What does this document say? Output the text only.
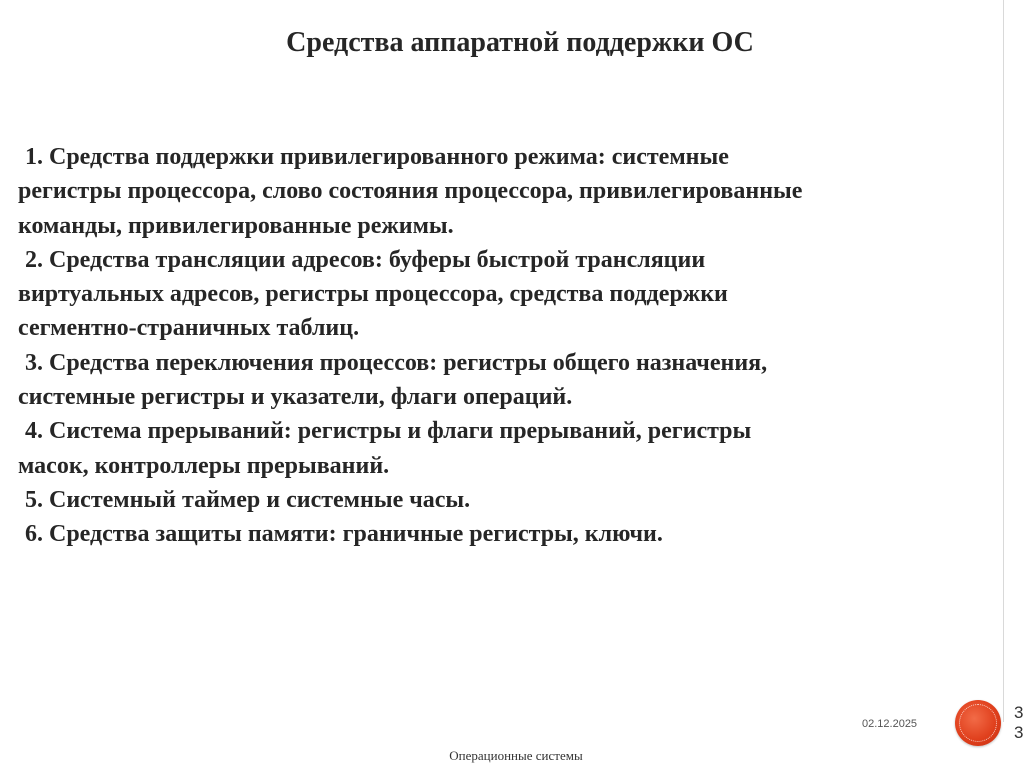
Средства аппаратной поддержки ОС
1. Средства поддержки привилегированного режима: системные
регистры процессора, слово состояния процессора, привилегированные
команды, привилегированные режимы.
2. Средства трансляции адресов: буферы быстрой трансляции
виртуальных адресов, регистры процессора, средства поддержки
сегментно-страничных таблиц.
3. Средства переключения процессов: регистры общего назначения,
системные регистры и указатели, флаги операций.
4. Система прерываний: регистры и флаги прерываний, регистры
масок, контроллеры прерываний.
5. Системный таймер и системные часы.
6. Средства защиты памяти: граничные регистры, ключи.
02.12.2025
3
3
Операционные системы
